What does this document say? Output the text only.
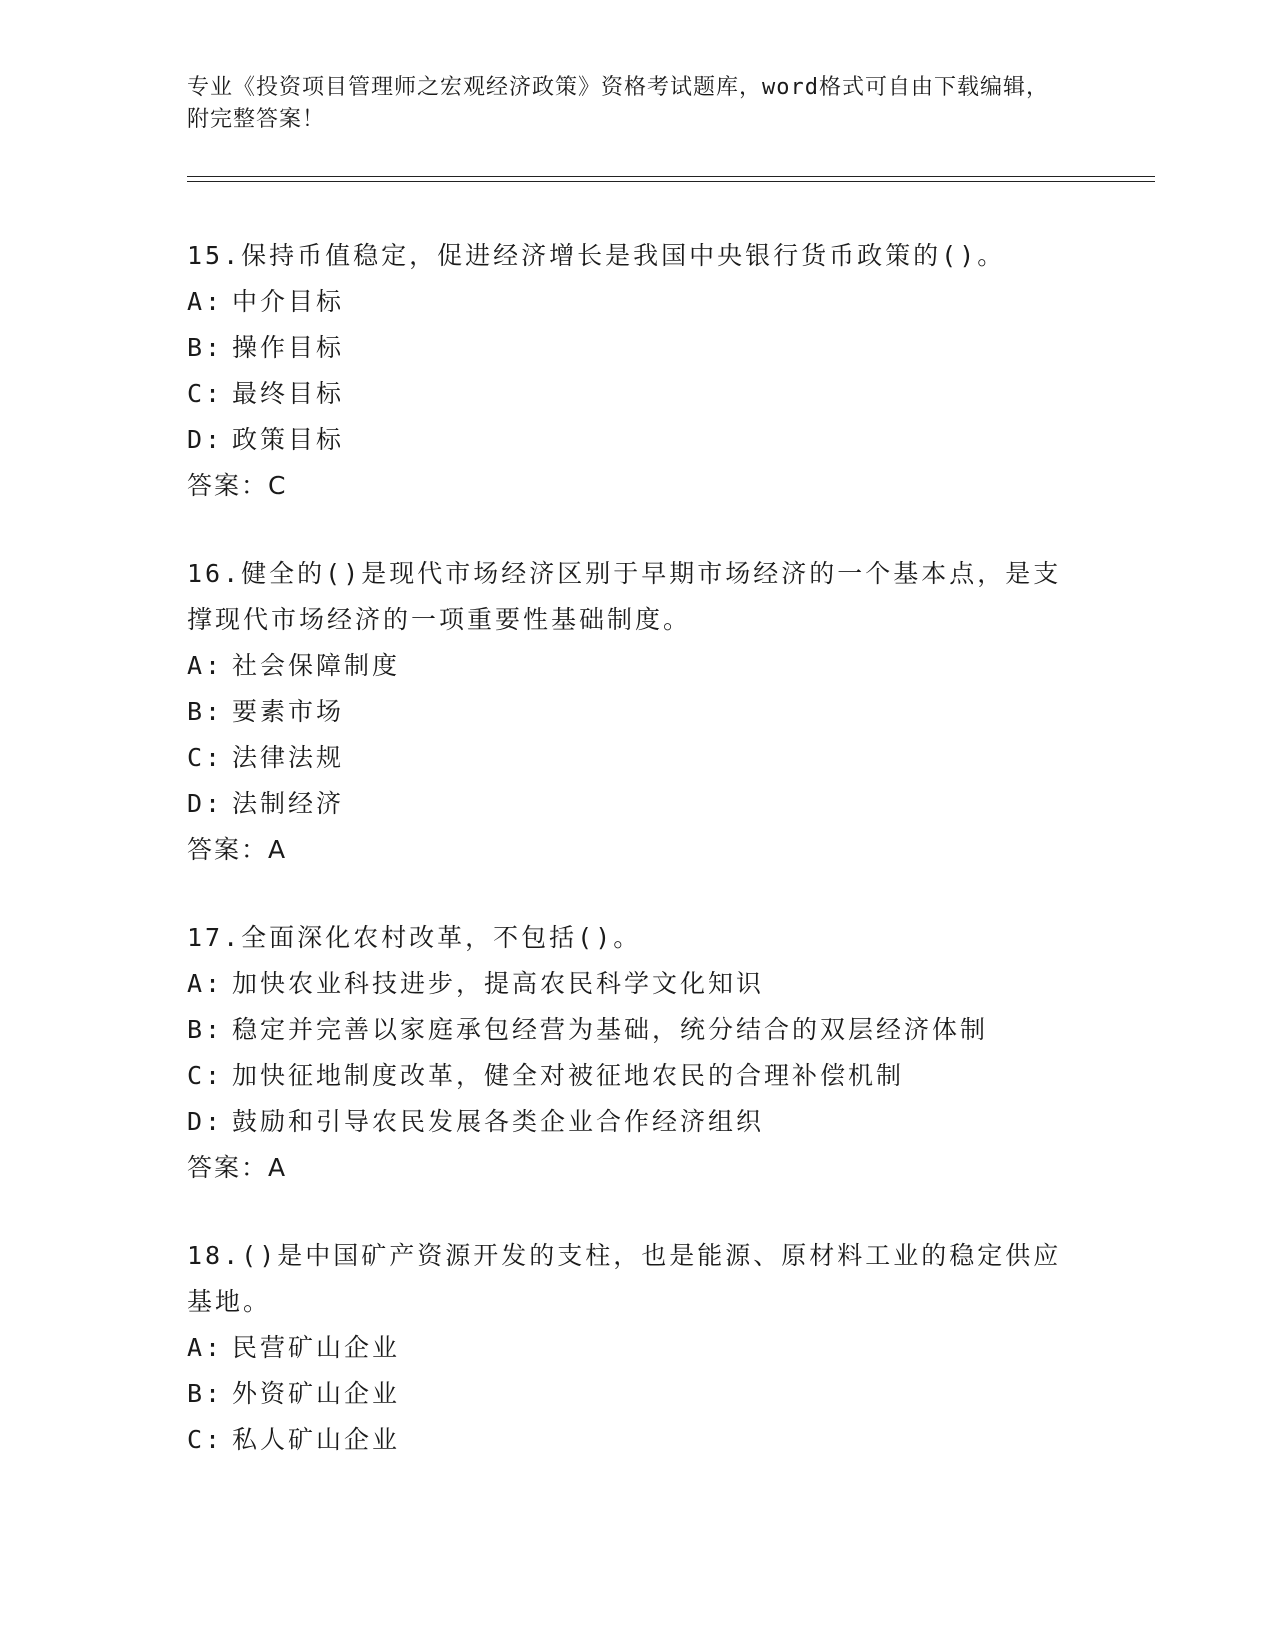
专业《投资项目管理师之宏观经济政策》资格考试题库，word格式可自由下载编辑，附完整答案！
15.保持币值稳定，促进经济增长是我国中央银行货币政策的()。
A: 中介目标
B: 操作目标
C: 最终目标
D: 政策目标
答案：C
16.健全的()是现代市场经济区别于早期市场经济的一个基本点，是支撑现代市场经济的一项重要性基础制度。
A: 社会保障制度
B: 要素市场
C: 法律法规
D: 法制经济
答案：A
17.全面深化农村改革，不包括()。
A: 加快农业科技进步，提高农民科学文化知识
B: 稳定并完善以家庭承包经营为基础，统分结合的双层经济体制
C: 加快征地制度改革，健全对被征地农民的合理补偿机制
D: 鼓励和引导农民发展各类企业合作经济组织
答案：A
18.()是中国矿产资源开发的支柱，也是能源、原材料工业的稳定供应基地。
A: 民营矿山企业
B: 外资矿山企业
C: 私人矿山企业
